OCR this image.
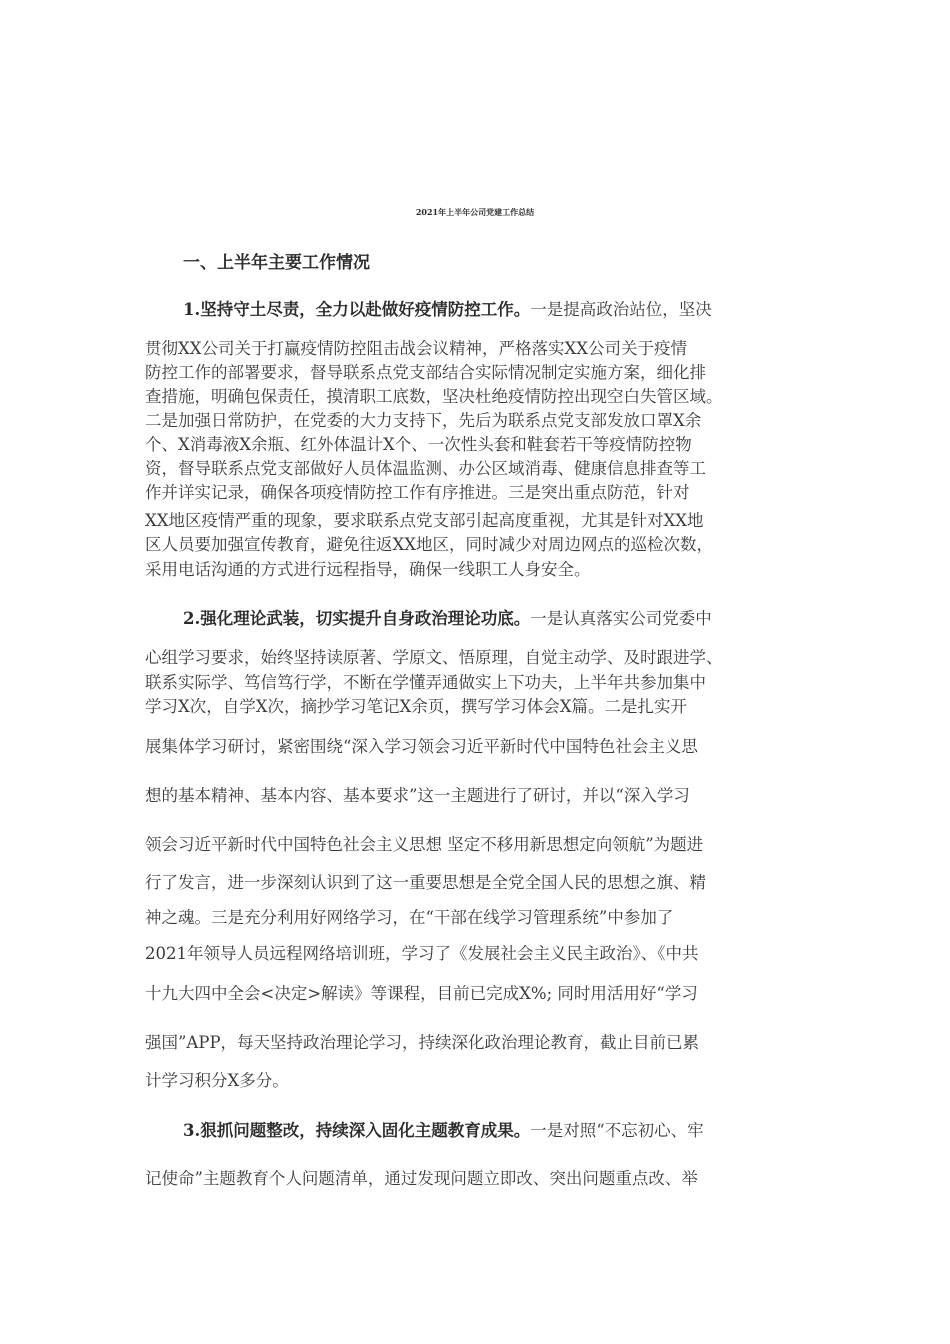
2021年上半年公司党建工作总结
一、上半年主要工作情况
1.坚持守土尽责，全力以赴做好疫情防控工作。一是提高政治站位，坚决
贯彻XX公司关于打赢疫情防控阻击战会议精神，严格落实XX公司关于疫情
防控工作的部署要求，督导联系点党支部结合实际情况制定实施方案，细化排
查措施，明确包保责任，摸清职工底数，坚决杜绝疫情防控出现空白失管区域。
二是加强日常防护，在党委的大力支持下，先后为联系点党支部发放口罩X余
个、X消毒液X余瓶、红外体温计X个、一次性头套和鞋套若干等疫情防控物
资，督导联系点党支部做好人员体温监测、办公区域消毒、健康信息排查等工
作并详实记录，确保各项疫情防控工作有序推进。三是突出重点防范，针对
XX地区疫情严重的现象，要求联系点党支部引起高度重视，尤其是针对XX地
区人员要加强宣传教育，避免往返XX地区，同时减少对周边网点的巡检次数，
采用电话沟通的方式进行远程指导，确保一线职工人身安全。
2.强化理论武装，切实提升自身政治理论功底。一是认真落实公司党委中
心组学习要求，始终坚持读原著、学原文、悟原理，自觉主动学、及时跟进学、
联系实际学、笃信笃行学，不断在学懂弄通做实上下功夫，上半年共参加集中
学习X次，自学X次，摘抄学习笔记X余页，撰写学习体会X篇。二是扎实开
展集体学习研讨，紧密围绕“深入学习领会习近平新时代中国特色社会主义思
想的基本精神、基本内容、基本要求”这一主题进行了研讨，并以“深入学习
领会习近平新时代中国特色社会主义思想 坚定不移用新思想定向领航”为题进
行了发言，进一步深刻认识到了这一重要思想是全党全国人民的思想之旗、精
神之魂。三是充分利用好网络学习，在“干部在线学习管理系统”中参加了
2021年领导人员远程网络培训班，学习了《发展社会主义民主政治》、《中共
十九大四中全会<决定>解读》等课程，目前已完成X%; 同时用活用好“学习
强国”APP，每天坚持政治理论学习，持续深化政治理论教育，截止目前已累
计学习积分X多分。
3.狠抓问题整改，持续深入固化主题教育成果。一是对照“不忘初心、牢
记使命”主题教育个人问题清单，通过发现问题立即改、突出问题重点改、举
